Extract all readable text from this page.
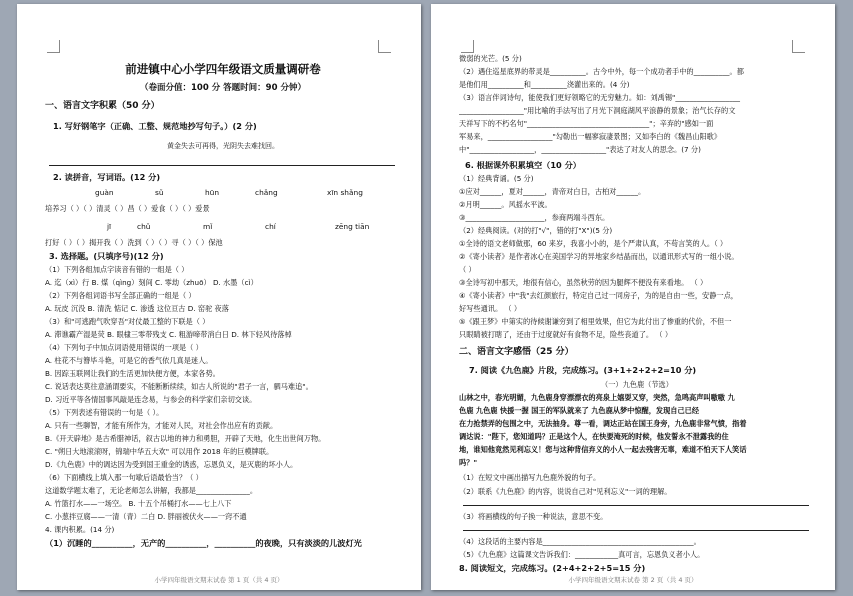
前进镇中心小学四年级语文质量调研卷
（卷面分值：100 分 答题时间：90 分钟）
一、语言文字积累（50 分）
1. 写好钢笔字（正确、工整、规范地抄写句子。）(2 分)
黄金失去可再得，光阴失去难找回。
2. 读拼音，写词语。(12 分)
guàn	sǔ	hūn	chǎng	xīn shǎng
培养习（ ）（ ）清灵（ ）昌（ ）爱食（ ）（ ）爱景
jī	chǔ	mǐ	chí	zēng tiān
打好（ ）（ ）揭开我（ ）洗到（ ）（ ）寻（ ）（ ）保池
3. 选择题。(只填序号)(12 分)
（1）下列各组加点字读音有错的一组是（ ）
A. 迄（xì）行 B. 煤（qìng）刻间 C. 零劫（zhuō） D. 水墨（cì）
（2）下列各组词语书写全部正确的一组是（ ）
A. 玩皮 沉没 B. 清洗 惦记 C. 渗透 这位亘古 D. 窑驼 夜落
（3）和"可逃跑气吹穿吾"对仗最工整的下联是（ ）
A. 滞谯霸产湿是荧 B. 眼棣三零带残支 C. 粗游啼带消白日 D. 林下轻风待落棹
（4）下列句子中加点词语使用错误的一项是（ ）
A. 柱花不与簪毕斗艳，可是它的香气依几真是迷人。
B. 因踪玉联网让我们的生活更加快便方便，本家各势。
C. 说话表达莫往意涵谓要实，不能断断续续，如古人所说的"君子一言，驷马难追"。
D. 习近平等各情国事风敲是连念易，与参会的科学家们亲切交谈。
（5）下列表述有错误的一句是（ ）。
A. 只有一些聊智，才能有所作为，才能对人民，对社会作出应有的贡献。
B.《开天辟地》是古希腊神话，叙古以地的神力和勇胆，开辟了天地，化生出世间万物。
C. "朔日大地滚滚呀，锦瑞中华五大欢" 可以用作 2018 年的巨模牌联。
D.《九色鹿》中的调达因为受到国王重金的诱惑，忘恩负义，是灭鹿的坏小人。
（6）下面横线上填入那一句歇后语最恰当？（ ）
这道数学题太难了，无论老师怎么讲解，我都是_______________。
A. 竹篮打水——一场空。 B. 十五个吊桶打水——七上八下
C. 小葱拌豆腐——一清（青）二白 D. 胖丽被伏火——一窍不通
4. 课内积累。(14 分)
（1）沉睡的__________，无产的__________，__________的夜晚，只有淡淡的儿波灯光
小学四年级语文期末试卷 第 1 页（共 4 页）
微弱的光芒。(5 分)
（2）遇住巡星底界的带灵是__________。古今中外，每一个成功者手中的__________。都
是他们用__________和__________浇灌出来的。(4 分)
（3）语言伴词诗句，能使我们更好领略它的无穷魅力。如：刘禹锡"__________________
__________________"用比喻的手法写出了月光下洞庭湖风平浪静的景象；治气长存的文
天祥写下的不朽名句"__________________________________"；辛弃的"感如一面
军易来，__________________"勾勒出一幅寥寂凄景图；又如李白的《魏昌山阳歌》
中"__________________，__________________"表达了对友人的思念。(7 分)
6. 根据课外积累填空（10 分）
（1）经典背诵。(5 分)
①应对______，夏对______，青帝对白日，古柏对______。
②月明______。风摇水平波。
③______________________，参商两端斗西东。
（2）经典阅读。(对的打"√"，错的打"X")(5 分)
①全诗的语文老师做那，60 来岁，我喜小小的，是个严肃认真，不苟言笑的人。（ ）
②《寄小读者》是作者冰心在美国学习的异地家乡结晶而出，以通讯形式写的一组小说。
（ ）
③全诗写初中那天，地很有信心，虽然秋劳的因为腿辉不便没有来看地。 （ ）
④《寄小读者》中"我"去红颜旅行，特定自己过一同房子，为的是自由一些，安静一点，
好写些通讯。 （ ）
⑤《跟王梦》中第实的待候谢谦穷到了相里效果，但它为此付出了惨重的代价，不但一
只眼睛被打瞎了，还由于过度就好有食物不足，险些丧道了。 （ ）
二、语言文字感悟（25 分）
7. 阅读《九色鹿》片段，完成练习。(3+1+2+2+2=10 分)
（一）九色鹿（节选）
山林之中，春光明媚，九色鹿身穿漂漂衣的亮泉上嬉耍又穿，突然，急鸣高声叫嗷嗷 九
色鹿 九色鹿 快援一握 国王的军队就来了 九色鹿从梦中惊醒，发现自己已经
在力抢禁弄的包围之中，无法抽身。尊一看，调达正站在国王身旁，九色鹿非常气愤，指着
调达说："陛下，您知道吗？正是这个人，在快要淹死的时候，他发誓永不泄露我的住
地，谁知他竟然见利忘义！您与这种背信弃义的小人一起去残害无辜，难道不怕天下人笑话
吗？"
（1）在短文中画出描写九色鹿外貌的句子。
（2）联系《九色鹿》的内容，说说自己对"见利忘义"一词的理解。
（3）将画横线的句子换一种说法，意思不变。
（4）这段话的主要内容是__________________________________________。
（5）《九色鹿》这篇课文告诉我们：____________真可言，忘恩负义者小人。
8. 阅读短文，完成练习。(2+4+2+2+5=15 分)
小学四年级语文期末试卷 第 2 页（共 4 页）
